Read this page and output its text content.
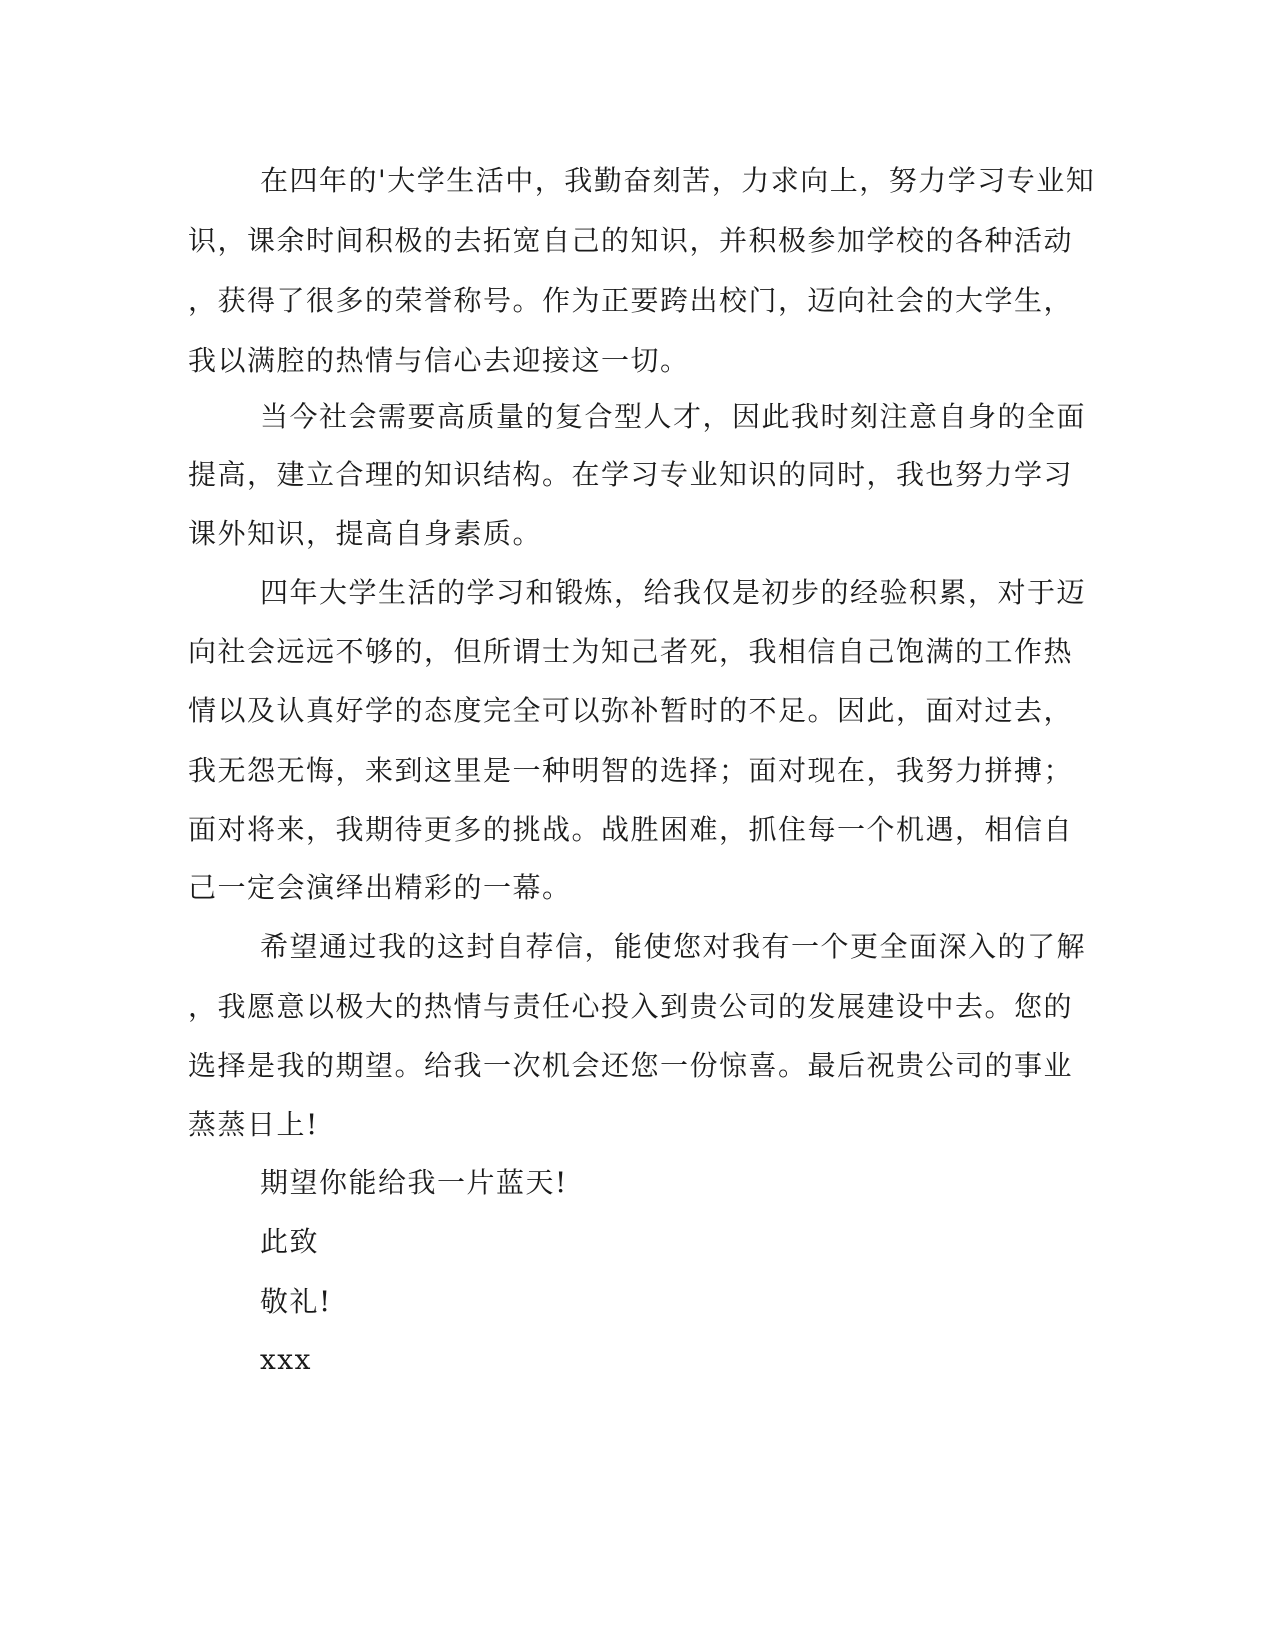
在四年的'大学生活中，我勤奋刻苦，力求向上，努力学习专业知
识，课余时间积极的去拓宽自己的知识，并积极参加学校的各种活动
，获得了很多的荣誉称号。作为正要跨出校门，迈向社会的大学生，
我以满腔的热情与信心去迎接这一切。
当今社会需要高质量的复合型人才，因此我时刻注意自身的全面
提高，建立合理的知识结构。在学习专业知识的同时，我也努力学习
课外知识，提高自身素质。
四年大学生活的学习和锻炼，给我仅是初步的经验积累，对于迈
向社会远远不够的，但所谓士为知己者死，我相信自己饱满的工作热
情以及认真好学的态度完全可以弥补暂时的不足。因此，面对过去，
我无怨无悔，来到这里是一种明智的选择；面对现在，我努力拼搏；
面对将来，我期待更多的挑战。战胜困难，抓住每一个机遇，相信自
己一定会演绎出精彩的一幕。
希望通过我的这封自荐信，能使您对我有一个更全面深入的了解
，我愿意以极大的热情与责任心投入到贵公司的发展建设中去。您的
选择是我的期望。给我一次机会还您一份惊喜。最后祝贵公司的事业
蒸蒸日上!
期望你能给我一片蓝天!
此致
敬礼!
xxx
